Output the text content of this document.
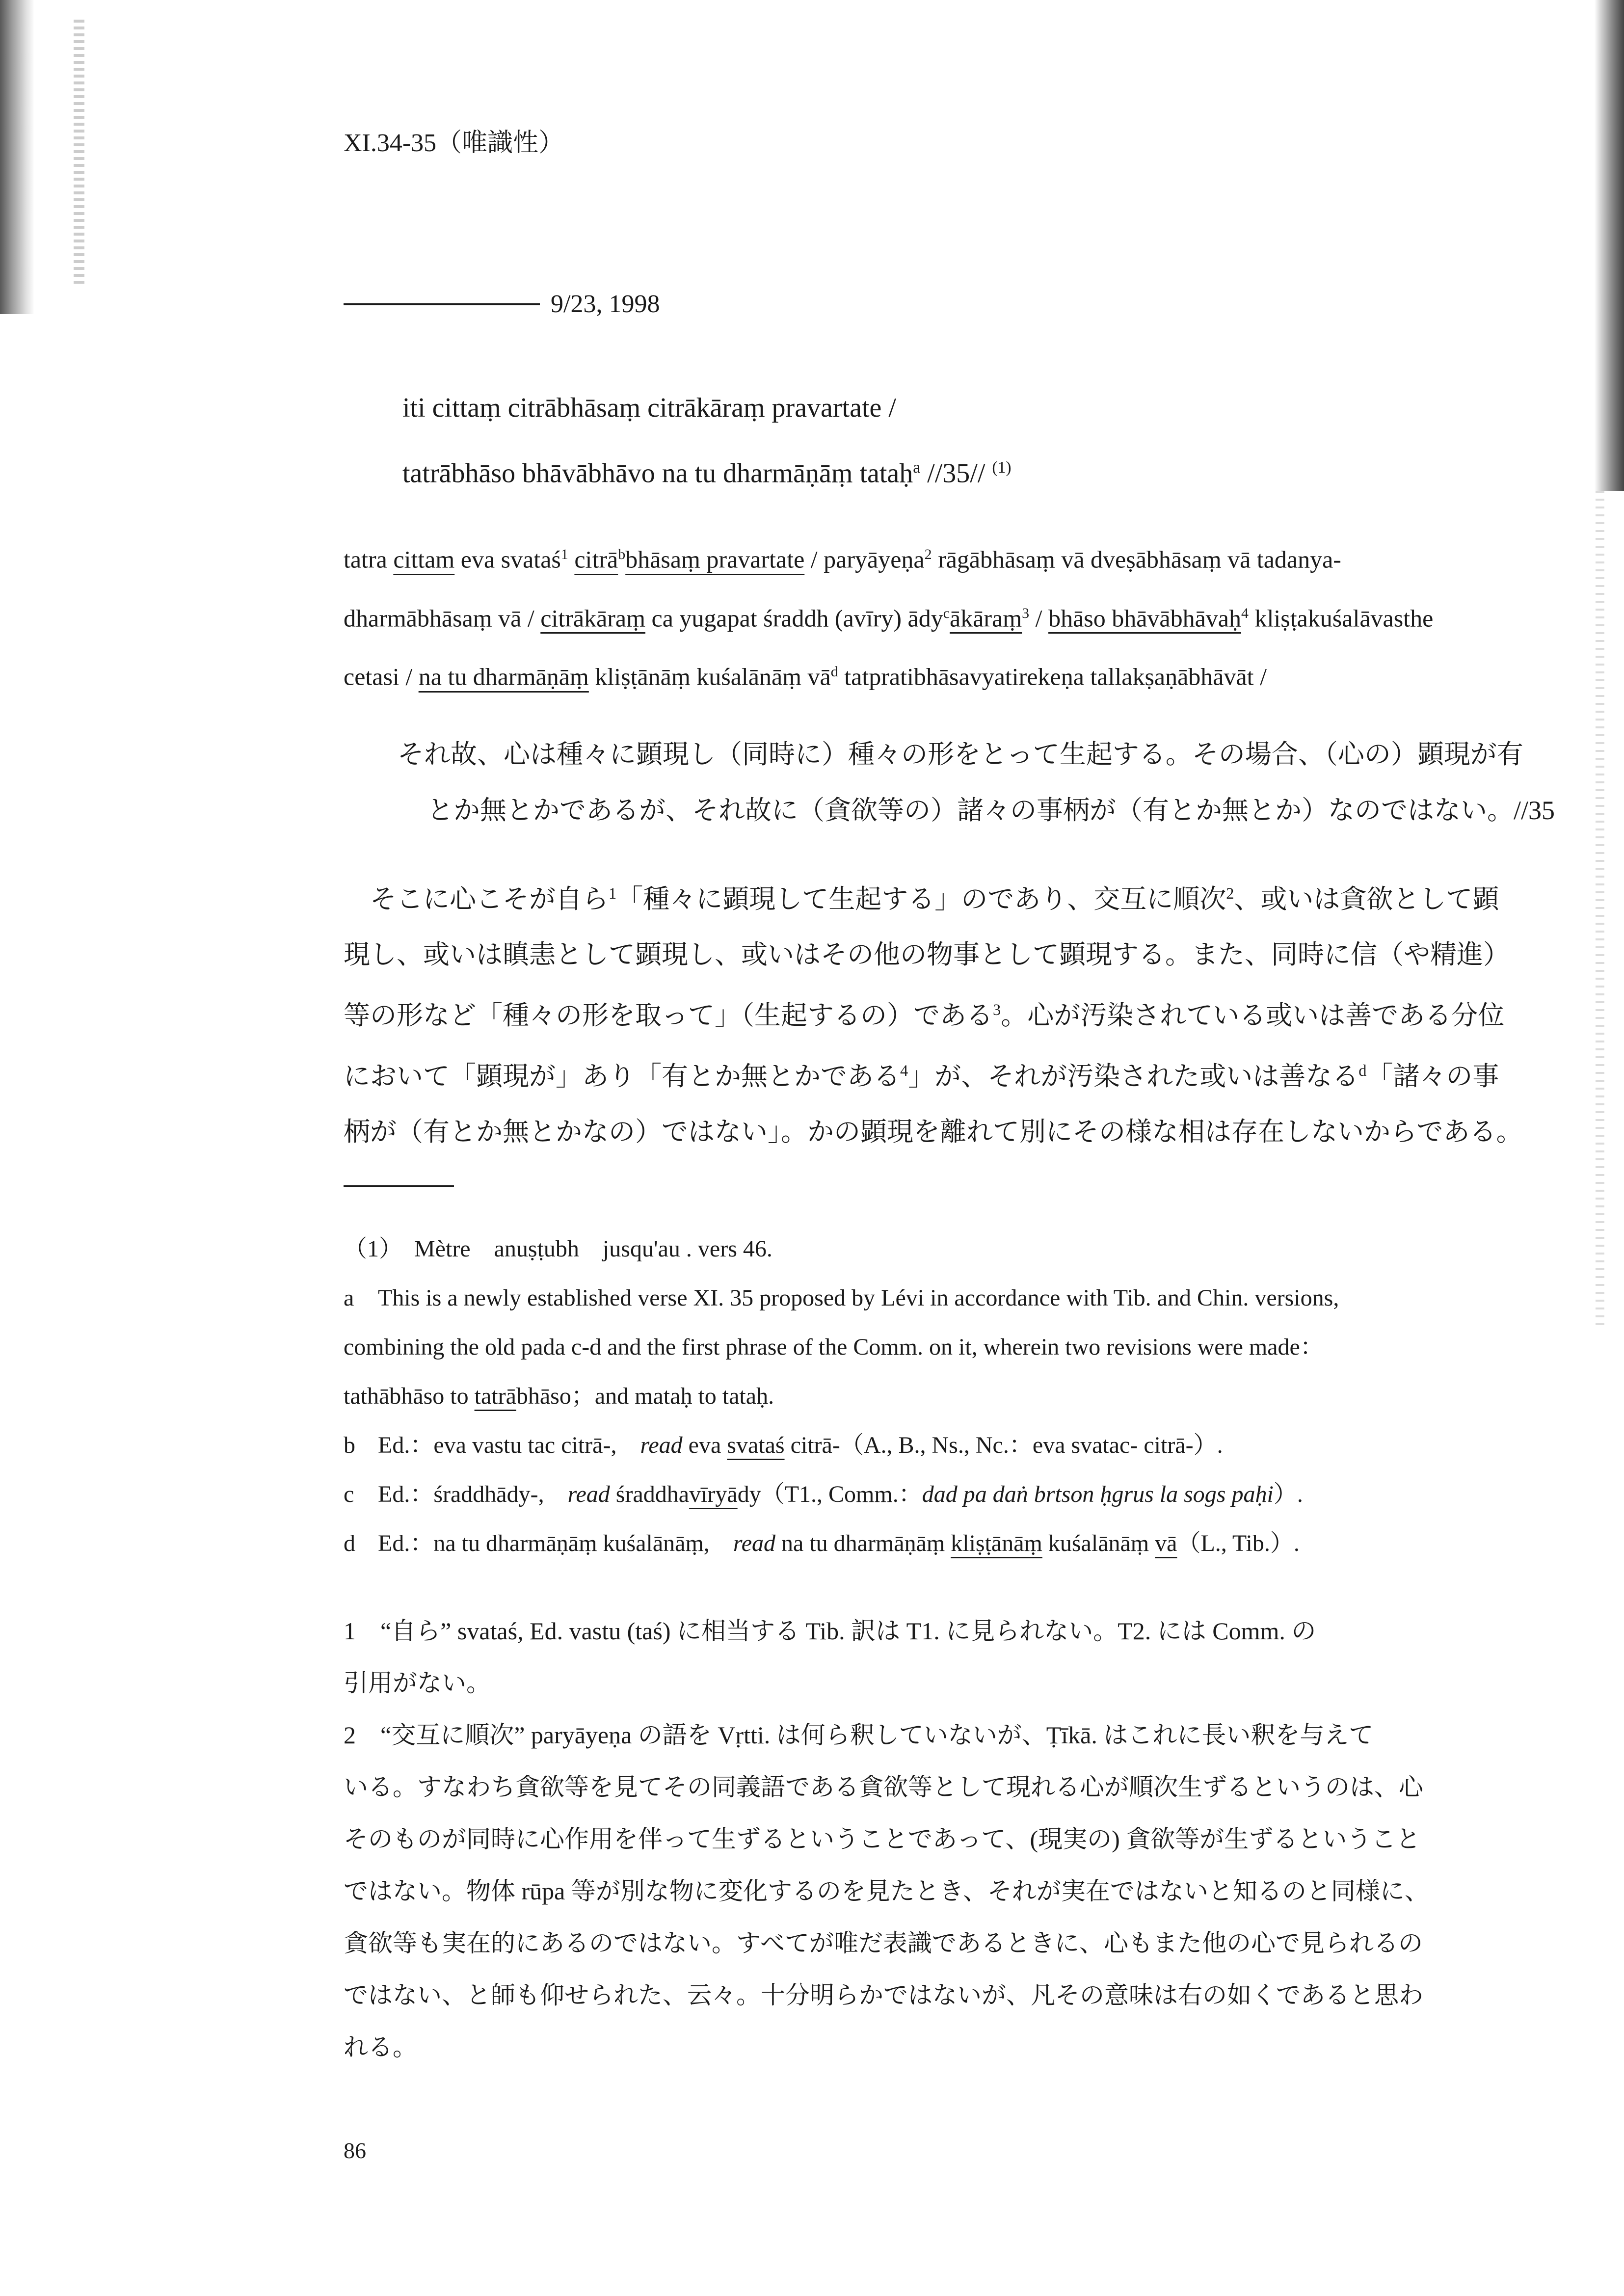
XI.34-35（唯識性）
9/23, 1998
iti cittaṃ citrābhāsaṃ citrākāraṃ pravartate /
tatrābhāso bhāvābhāvo na tu dharmāṇāṃ tataḥ$^a$ //35// $^{(1)}$
tatra cittam eva svataś$^1$ citrā$^b$bhāsaṃ pravartate / paryāyeṇa$^2$ rāgābhāsaṃ vā dveṣābhāsaṃ vā tadanya-
dharmābhāsaṃ vā / citrākāraṃ ca yugapat śraddh (avīry) ādy$^c$ākāraṃ$^3$ / bhāso bhāvābhāvaḥ$^4$ kliṣṭakuśalāvasthe
cetasi / na tu dharmāṇāṃ kliṣṭānāṃ kuśalānāṃ $vā^d$ tatpratibhāsavyatirekeṇa tallakṣaṇābhāvāt /
それ故、心は種々に顕現し（同時に）種々の形をとって生起する。その場合、（心の）顕現が有
とか無とかであるが、それ故に（貪欲等の）諸々の事柄が（有とか無とか）なのではない。//35
そこに心こそが自ら$^1$「種々に顕現して生起する」のであり、交互に順次$^2$、或いは貪欲として顕
現し、或いは瞋恚として顕現し、或いはその他の物事として顕現する。また、同時に信（や精進）
等の形など「種々の形を取って」（生起するの）である$^3$。心が汚染されている或いは善である分位
において「顕現が」あり「有とか無とかである$^4$」が、それが汚染された或いは善なる$^d$「諸々の事
柄が（有とか無とかなの）ではない」。かの顕現を離れて別にその様な相は存在しないからである。
（1）　Mètre　anuṣṭubh　jusqu'au . vers 46.
a This is a newly established verse XI. 35 proposed by Lévi in accordance with Tib. and Chin. versions,
combining the old pada c-d and the first phrase of the Comm. on it, wherein two revisions were made：
tathābhāso to tatrābhāso；and mataḥ to tataḥ.
b Ed.：eva vastu tac citrā-,　read eva svataś citrā-（A., B., Ns., Nc.：eva svatac- citrā-）.
c Ed.：śraddhādy-,　read śraddhavīryādy（T1., Comm.：dad pa daṅ brtson ḥgrus la sogs paḥi）.
d Ed.：na tu dharmāṇāṃ kuśalānāṃ,　read na tu dharmāṇāṃ kliṣṭānāṃ kuśalānāṃ vā（L., Tib.）.
1　“自ら” svataś, Ed. vastu (taś) に相当する Tib. 訳は T1. に見られない。T2. には Comm. の
引用がない。
2　“交互に順次” paryāyeṇa の語を Vṛtti. は何ら釈していないが、Ṭīkā. はこれに長い釈を与えて
いる。すなわち貪欲等を見てその同義語である貪欲等として現れる心が順次生ずるというのは、心
そのものが同時に心作用を伴って生ずるということであって、(現実の) 貪欲等が生ずるということ
ではない。物体 rūpa 等が別な物に変化するのを見たとき、それが実在ではないと知るのと同様に、
貪欲等も実在的にあるのではない。すべてが唯だ表識であるときに、心もまた他の心で見られるの
ではない、と師も仰せられた、云々。十分明らかではないが、凡その意味は右の如くであると思わ
れる。
86
